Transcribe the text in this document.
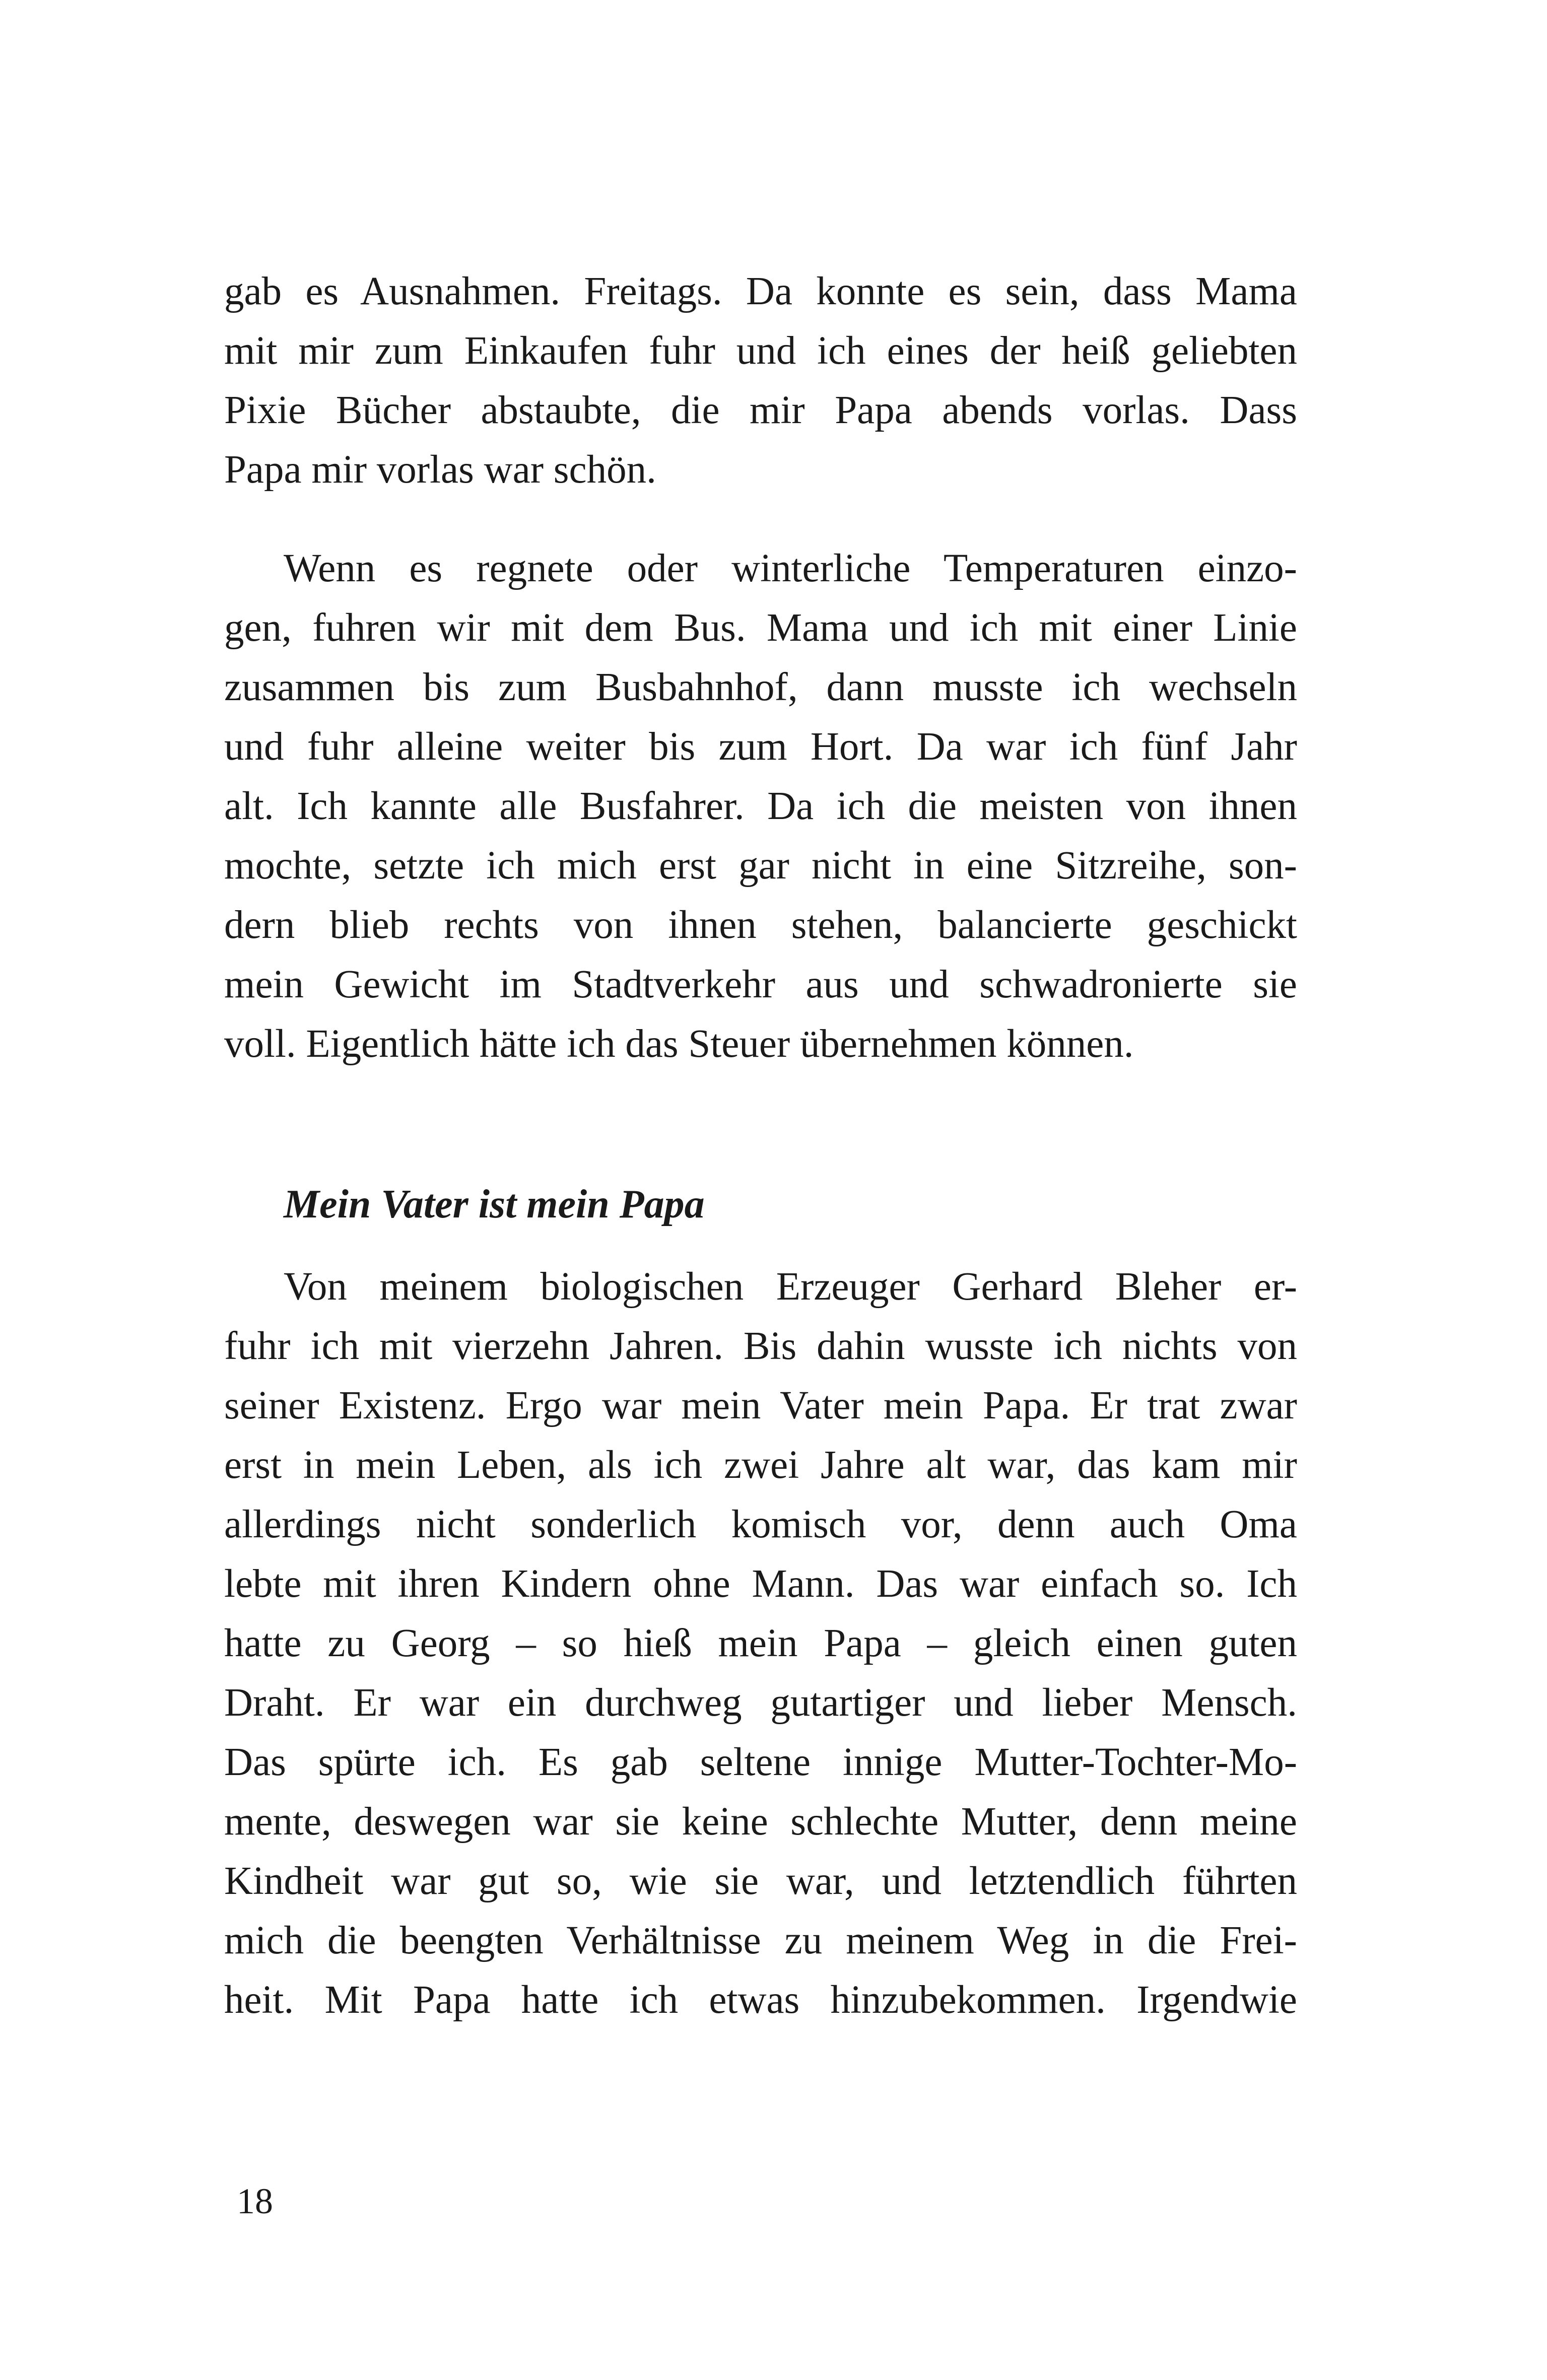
gab es Ausnahmen. Freitags. Da konnte es sein, dass Mama
mit mir zum Einkaufen fuhr und ich eines der heiß geliebten
Pixie Bücher abstaubte, die mir Papa abends vorlas. Dass
Papa mir vorlas war schön.
Wenn es regnete oder winterliche Temperaturen einzo-
gen, fuhren wir mit dem Bus. Mama und ich mit einer Linie
zusammen bis zum Busbahnhof, dann musste ich wechseln
und fuhr alleine weiter bis zum Hort. Da war ich fünf Jahr
alt. Ich kannte alle Busfahrer. Da ich die meisten von ihnen
mochte, setzte ich mich erst gar nicht in eine Sitzreihe, son-
dern blieb rechts von ihnen stehen, balancierte geschickt
mein Gewicht im Stadtverkehr aus und schwadronierte sie
voll. Eigentlich hätte ich das Steuer übernehmen können.
Mein Vater ist mein Papa
Von meinem biologischen Erzeuger Gerhard Bleher er-
fuhr ich mit vierzehn Jahren. Bis dahin wusste ich nichts von
seiner Existenz. Ergo war mein Vater mein Papa. Er trat zwar
erst in mein Leben, als ich zwei Jahre alt war, das kam mir
allerdings nicht sonderlich komisch vor, denn auch Oma
lebte mit ihren Kindern ohne Mann. Das war einfach so. Ich
hatte zu Georg – so hieß mein Papa – gleich einen guten
Draht. Er war ein durchweg gutartiger und lieber Mensch.
Das spürte ich. Es gab seltene innige Mutter-Tochter-Mo-
mente, deswegen war sie keine schlechte Mutter, denn meine
Kindheit war gut so, wie sie war, und letztendlich führten
mich die beengten Verhältnisse zu meinem Weg in die Frei-
heit. Mit Papa hatte ich etwas hinzubekommen. Irgendwie
18
